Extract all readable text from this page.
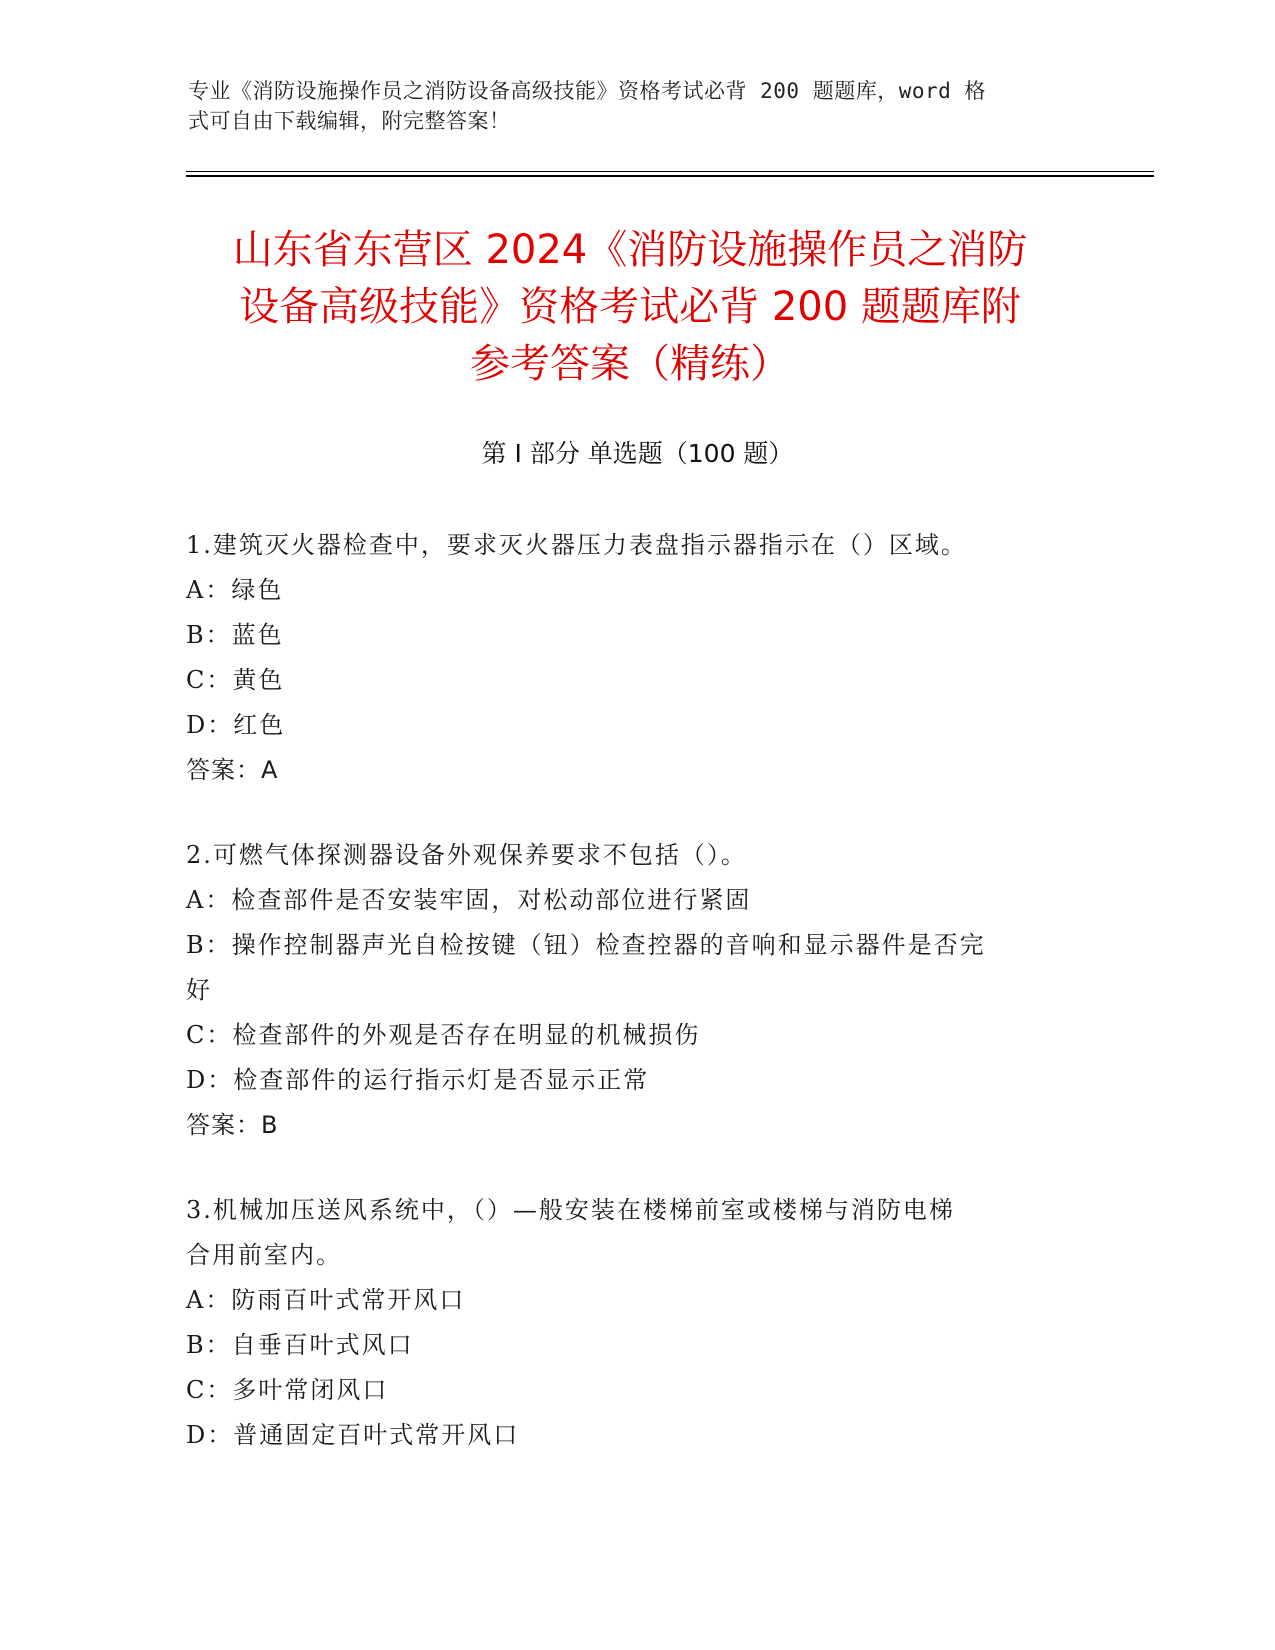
专业《消防设施操作员之消防设备高级技能》资格考试必背 200 题题库，word 格
式可自由下载编辑，附完整答案！
山东省东营区 2024《消防设施操作员之消防
设备高级技能》资格考试必背 200 题题库附
参考答案（精练）
第 I 部分 单选题（100 题）
1.建筑灭火器检查中，要求灭火器压力表盘指示器指示在（）区域。
A：绿色
B：蓝色
C：黄色
D：红色
答案：A
2.可燃气体探测器设备外观保养要求不包括（）。
A：检查部件是否安装牢固，对松动部位进行紧固
B：操作控制器声光自检按键（钮）检查控器的音响和显示器件是否完
好
C：检查部件的外观是否存在明显的机械损伤
D：检查部件的运行指示灯是否显示正常
答案：B
3.机械加压送风系统中，（）—般安装在楼梯前室或楼梯与消防电梯
合用前室内。
A：防雨百叶式常开风口
B：自垂百叶式风口
C：多叶常闭风口
D：普通固定百叶式常开风口
